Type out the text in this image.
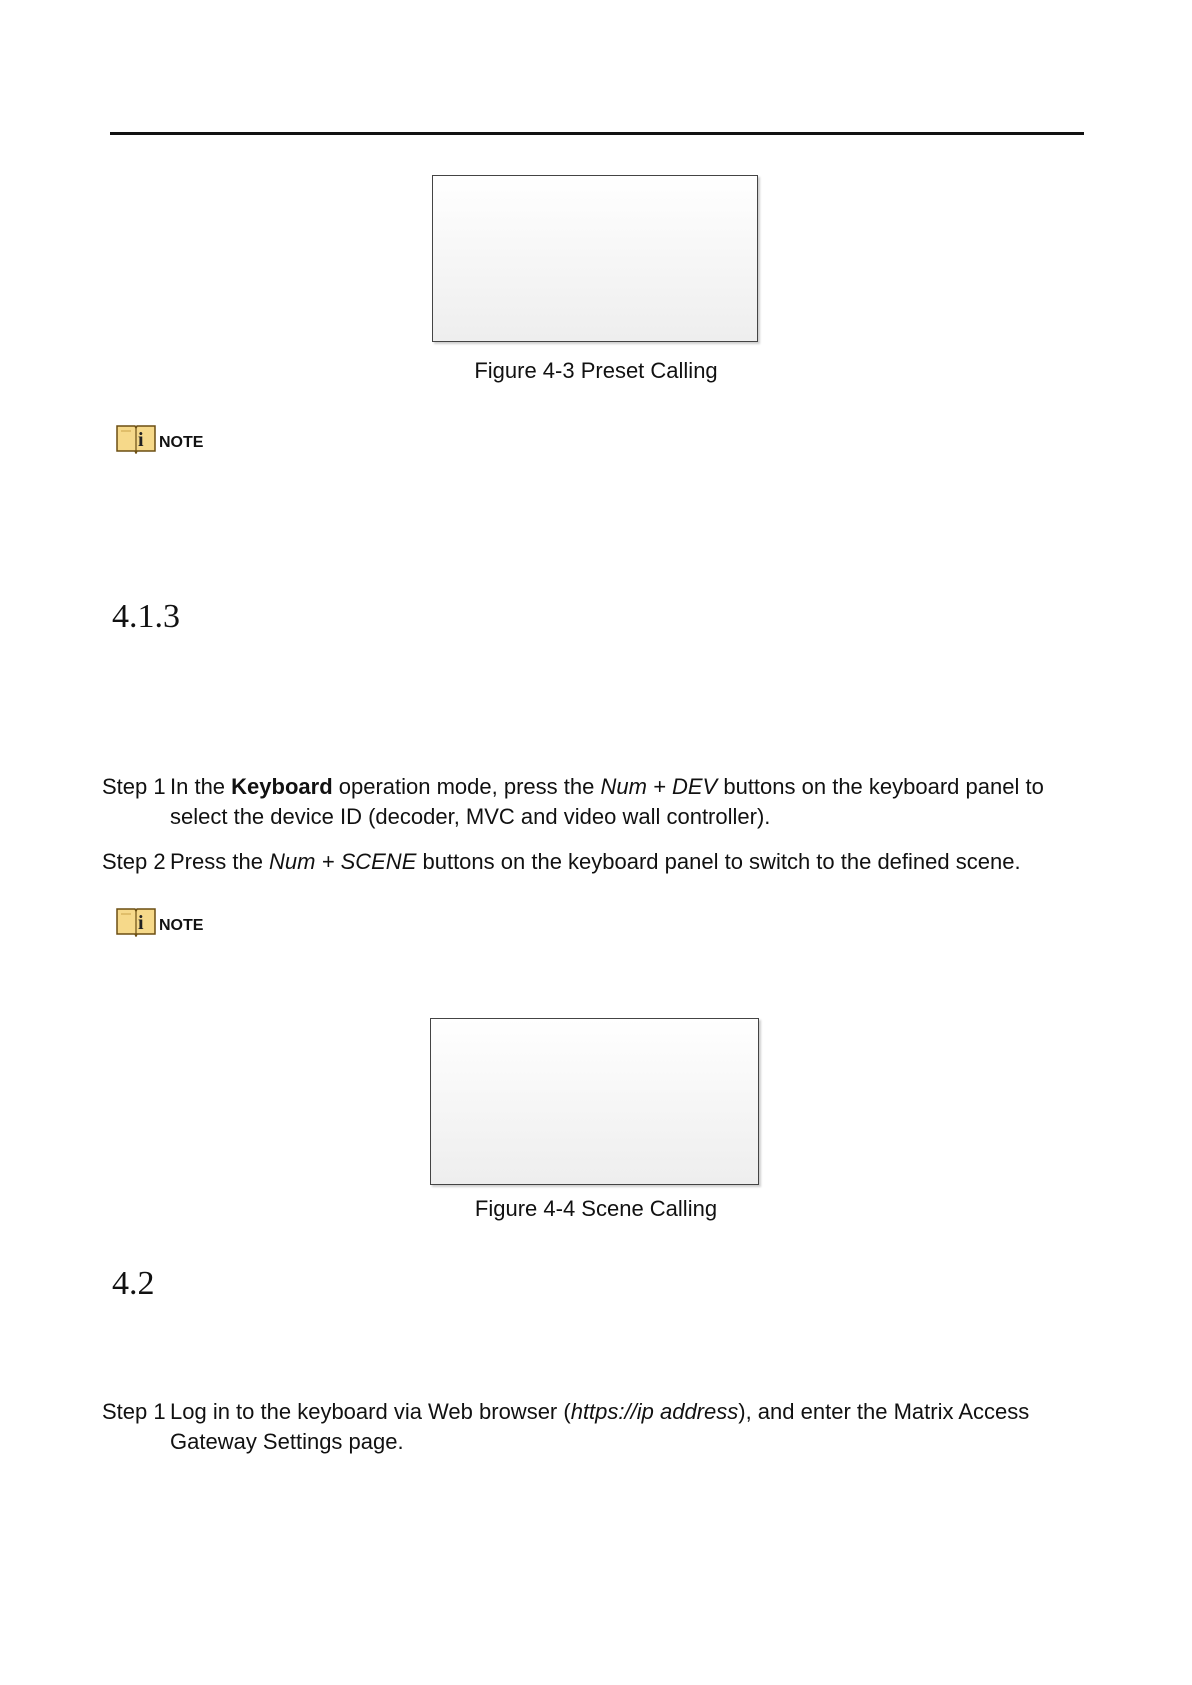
Figure 4-3 Preset Calling
i NOTE
4.1.3
Step 1 In the Keyboard operation mode, press the Num + DEV buttons on the keyboard panel to
select the device ID (decoder, MVC and video wall controller).
Step 2 Press the Num + SCENE buttons on the keyboard panel to switch to the defined scene.
i NOTE
Figure 4-4 Scene Calling
4.2
Step 1 Log in to the keyboard via Web browser (https://ip address), and enter the Matrix Access
Gateway Settings page.
